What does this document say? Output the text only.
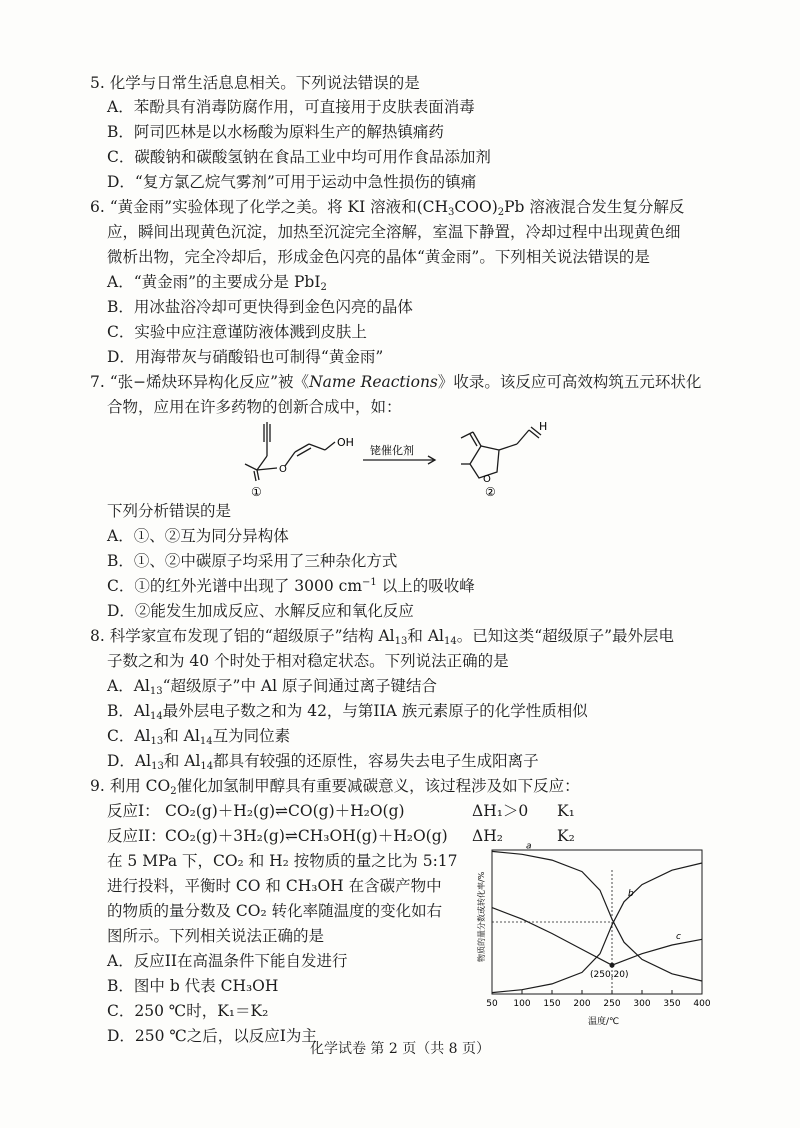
5. 化学与日常生活息息相关。下列说法错误的是
A．苯酚具有消毒防腐作用，可直接用于皮肤表面消毒
B．阿司匹林是以水杨酸为原料生产的解热镇痛药
C．碳酸钠和碳酸氢钠在食品工业中均可用作食品添加剂
D．“复方氯乙烷气雾剂”可用于运动中急性损伤的镇痛
6. “黄金雨”实验体现了化学之美。将 KI 溶液和$(CH_3COO)_2Pb$ 溶液混合发生复分解反
应，瞬间出现黄色沉淀，加热至沉淀完全溶解，室温下静置，冷却过程中出现黄色细
微析出物，完全冷却后，形成金色闪亮的晶体“黄金雨”。下列相关说法错误的是
A．“黄金雨”的主要成分是 PbI$_2$
B．用冰盐浴冷却可更快得到金色闪亮的晶体
C．实验中应注意谨防液体溅到皮肤上
D．用海带灰与硝酸铅也可制得“黄金雨”
7. “张−烯炔环异构化反应”被《Name Reactions》收录。该反应可高效构筑五元环状化
合物，应用在许多药物的创新合成中，如：
O
OH
铑催化剂
①	②
H
O
下列分析错误的是
A．①、②互为同分异构体
B．①、②中碳原子均采用了三种杂化方式
C．①的红外光谱中出现了 3000 $cm^{-1}$ 以上的吸收峰
D．②能发生加成反应、水解反应和氧化反应
8. 科学家宣布发现了铝的“超级原子”结构 $Al_{13}$和 $Al_{14}$。已知这类“超级原子”最外层电
子数之和为 40 个时处于相对稳定状态。下列说法正确的是
A．$Al_{13}“$超级原子”中 Al 原子间通过离子键结合
B．$Al_{14}$最外层电子数之和为 42，与第IIA 族元素原子的化学性质相似
C．$Al_{13}$和 $Al_{14}$互为同位素
D．$Al_{13}$和 $Al_{14}$都具有较强的还原性，容易失去电子生成阳离子
9. 利用 $CO_2$催化加氢制甲醇具有重要减碳意义，该过程涉及如下反应：
反应I： CO₂(g)＋H₂(g)⇌CO(g)＋H₂O(g)	ΔH₁＞0 K₁
反应II： CO₂(g)＋3H₂(g)⇌CH₃OH(g)＋H₂O(g) ΔH₂	K₂
在 5 MPa 下，CO₂ 和 H₂ 按物质的量之比为 5:17
进行投料，平衡时 CO 和 CH₃OH 在含碳产物中
的物质的量分数及 CO₂ 转化率随温度的变化如右
图所示。下列相关说法正确的是
A．反应II在高温条件下能自发进行
B．图中 b 代表 CH₃OH
C．250 ℃时，K₁＝K₂
D．250 ℃之后，以反应I为主
a
b
c
50 100 150 200 250 300 350 400
物质的量分数或转化率/%
温度/℃
(250,20)
化学试卷 第 2 页（共 8 页）
